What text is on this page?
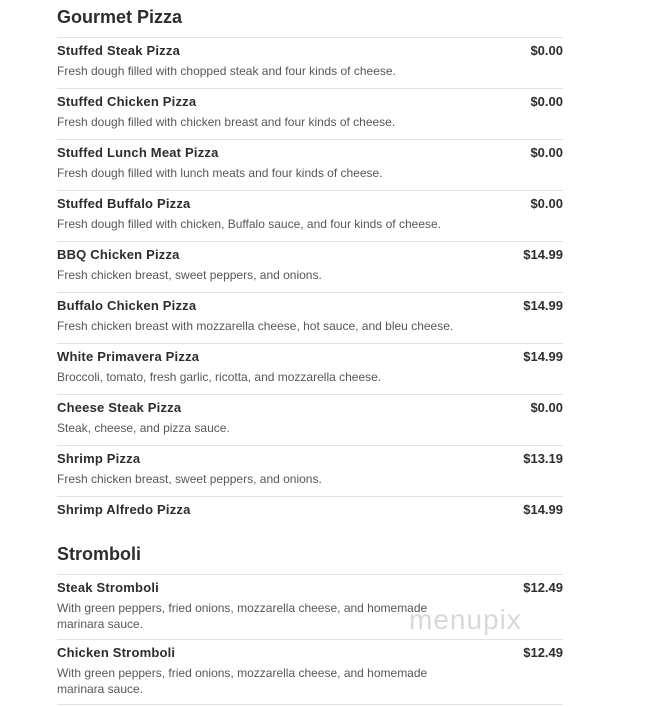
Gourmet Pizza
Stuffed Steak Pizza	$0.00
Fresh dough filled with chopped steak and four kinds of cheese.
Stuffed Chicken Pizza	$0.00
Fresh dough filled with chicken breast and four kinds of cheese.
Stuffed Lunch Meat Pizza	$0.00
Fresh dough filled with lunch meats and four kinds of cheese.
Stuffed Buffalo Pizza	$0.00
Fresh dough filled with chicken, Buffalo sauce, and four kinds of cheese.
BBQ Chicken Pizza	$14.99
Fresh chicken breast, sweet peppers, and onions.
Buffalo Chicken Pizza	$14.99
Fresh chicken breast with mozzarella cheese, hot sauce, and bleu cheese.
White Primavera Pizza	$14.99
Broccoli, tomato, fresh garlic, ricotta, and mozzarella cheese.
Cheese Steak Pizza	$0.00
Steak, cheese, and pizza sauce.
Shrimp Pizza	$13.19
Fresh chicken breast, sweet peppers, and onions.
Shrimp Alfredo Pizza	$14.99
Stromboli
Steak Stromboli	$12.49
With green peppers, fried onions, mozzarella cheese, and homemade marinara sauce.
Chicken Stromboli	$12.49
With green peppers, fried onions, mozzarella cheese, and homemade marinara sauce.
menupix
